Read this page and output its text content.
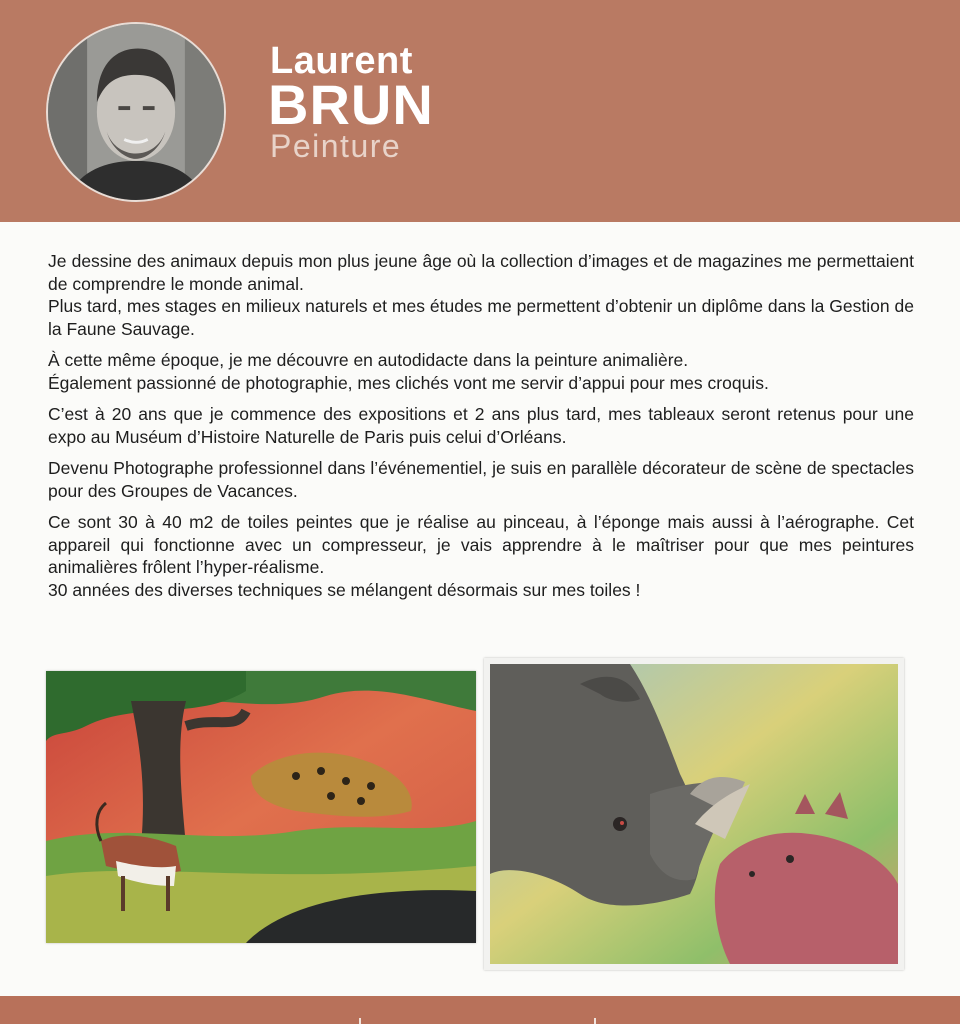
Laurent
BRUN
Peinture

Je dessine des animaux depuis mon plus jeune âge où la collection d’images et de magazines me permettaient de comprendre le monde animal.
Plus tard, mes stages en milieux naturels et mes études me permettent d’obtenir un diplôme dans la Gestion de la Faune Sauvage.

À cette même époque, je me découvre en autodidacte dans la peinture animalière.
Également passionné de photographie, mes clichés vont me servir d’appui pour mes croquis.

C’est à 20 ans que je commence des expositions et 2 ans plus tard, mes tableaux seront retenus pour une expo au Muséum d’Histoire Naturelle de Paris puis celui d’Orléans.

Devenu Photographe professionnel dans l’événementiel, je suis en parallèle décorateur de scène de spectacles pour des Groupes de Vacances.

Ce sont 30 à 40 m2 de toiles peintes que je réalise au pinceau, à l’éponge mais aussi à l’aérographe. Cet appareil qui fonctionne avec un compresseur, je vais apprendre à le maîtriser pour que mes peintures animalières frôlent l’hyper-réalisme.
30 années des diverses techniques se mélangent désormais sur mes toiles !
